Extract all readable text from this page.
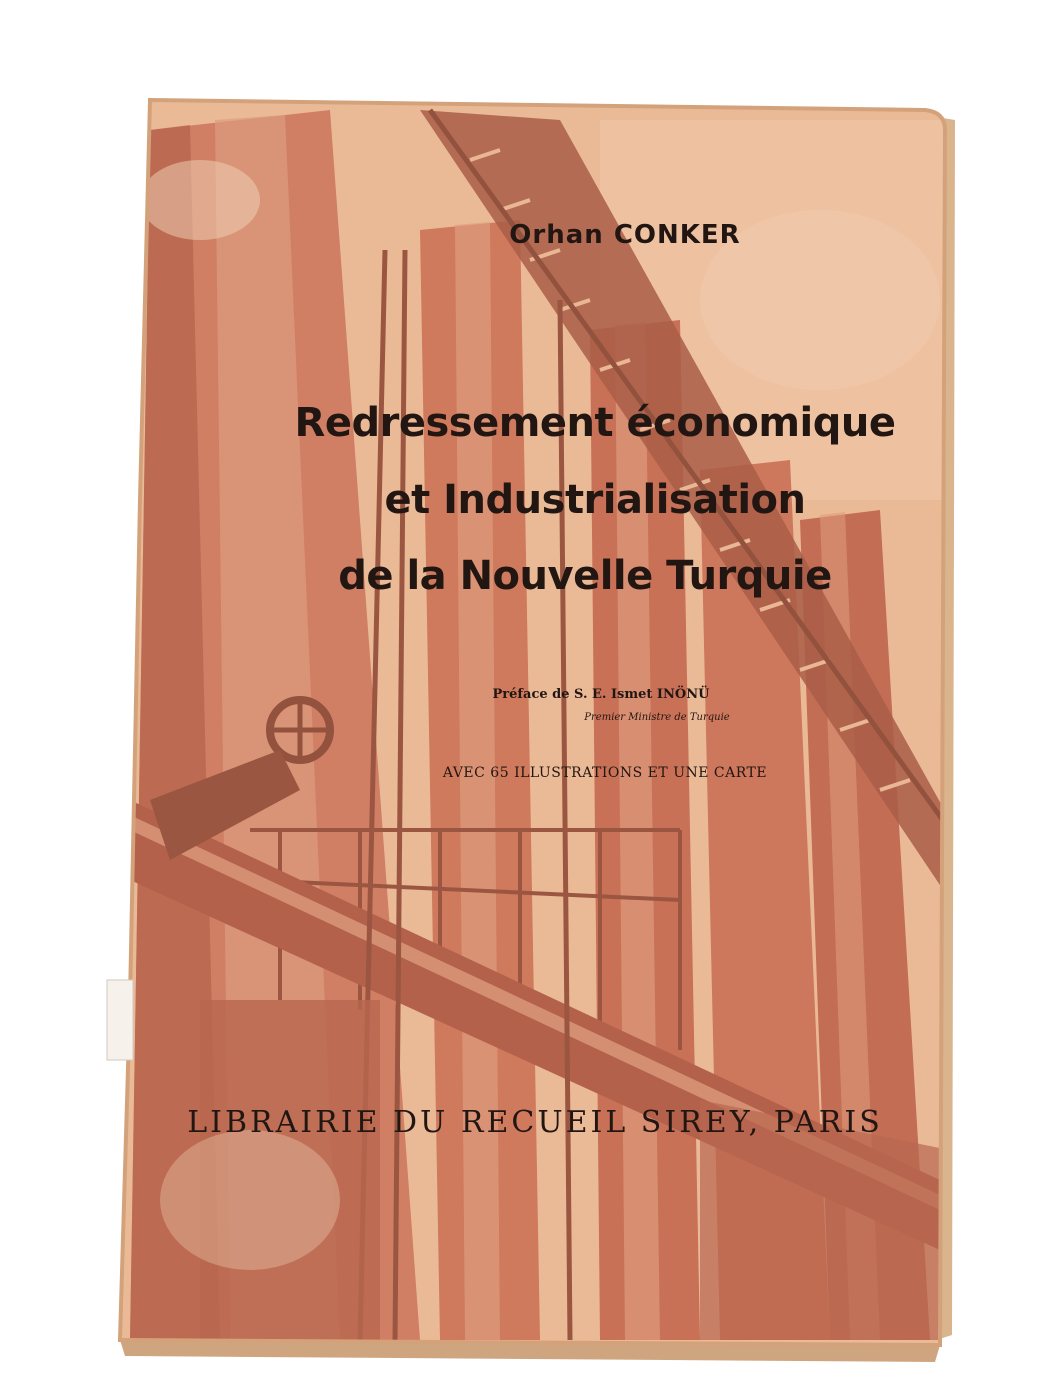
Orhan CONKER
Redressement économique
et Industrialisation
de la Nouvelle Turquie
Préface de S. E. Ismet INÖNÜ
Premier Ministre de Turquie
AVEC 65 ILLUSTRATIONS ET UNE CARTE
LIBRAIRIE DU RECUEIL SIREY, PARIS
